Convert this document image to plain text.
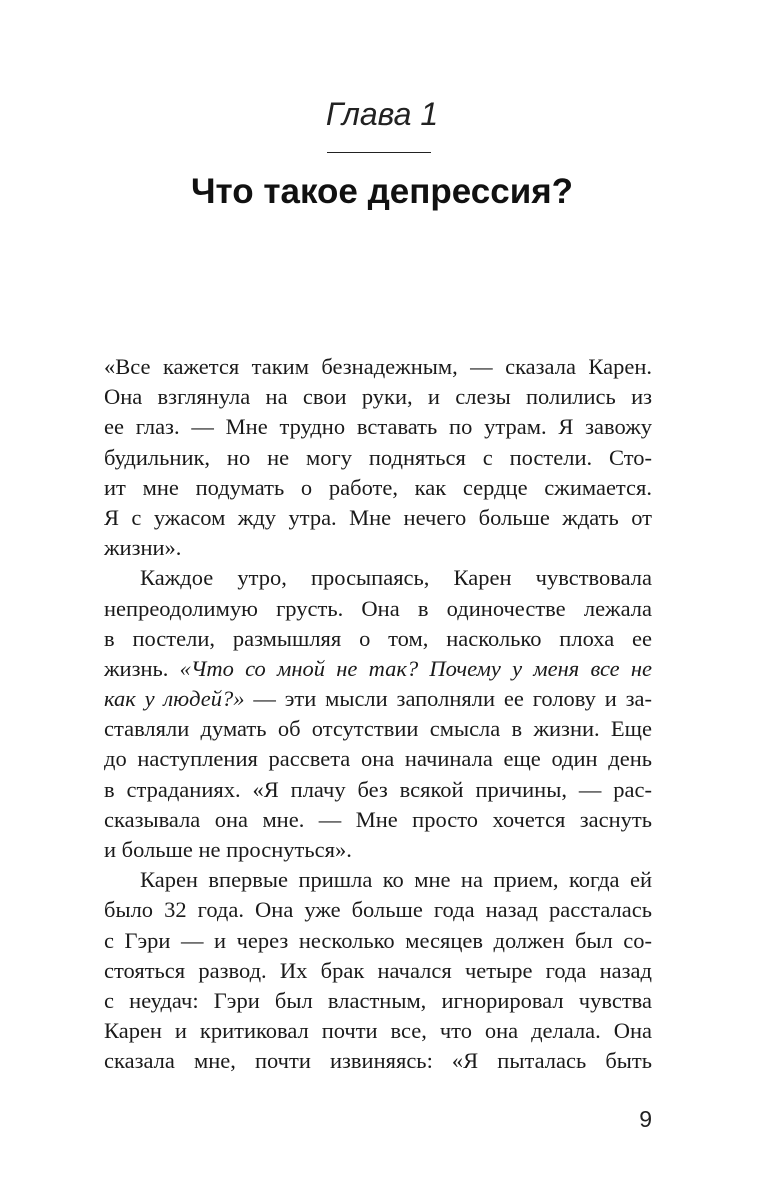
Глава 1
Что такое депрессия?
«Все кажется таким безнадежным, — сказала Карен.
Она взглянула на свои руки, и слезы полились из
ее глаз. — Мне трудно вставать по утрам. Я завожу
будильник, но не могу подняться с постели. Сто-
ит мне подумать о работе, как сердце сжимается.
Я с ужасом жду утра. Мне нечего больше ждать от
жизни».
Каждое утро, просыпаясь, Карен чувствовала
непреодолимую грусть. Она в одиночестве лежала
в постели, размышляя о том, насколько плоха ее
жизнь. «Что со мной не так? Почему у меня все не
как у людей?» — эти мысли заполняли ее голову и за-
ставляли думать об отсутствии смысла в жизни. Еще
до наступления рассвета она начинала еще один день
в страданиях. «Я плачу без всякой причины, — рас-
сказывала она мне. — Мне просто хочется заснуть
и больше не проснуться».
Карен впервые пришла ко мне на прием, когда ей
было 32 года. Она уже больше года назад рассталась
с Гэри — и через несколько месяцев должен был со-
стояться развод. Их брак начался четыре года назад
с неудач: Гэри был властным, игнорировал чувства
Карен и критиковал почти все, что она делала. Она
сказала мне, почти извиняясь: «Я пыталась быть
9
